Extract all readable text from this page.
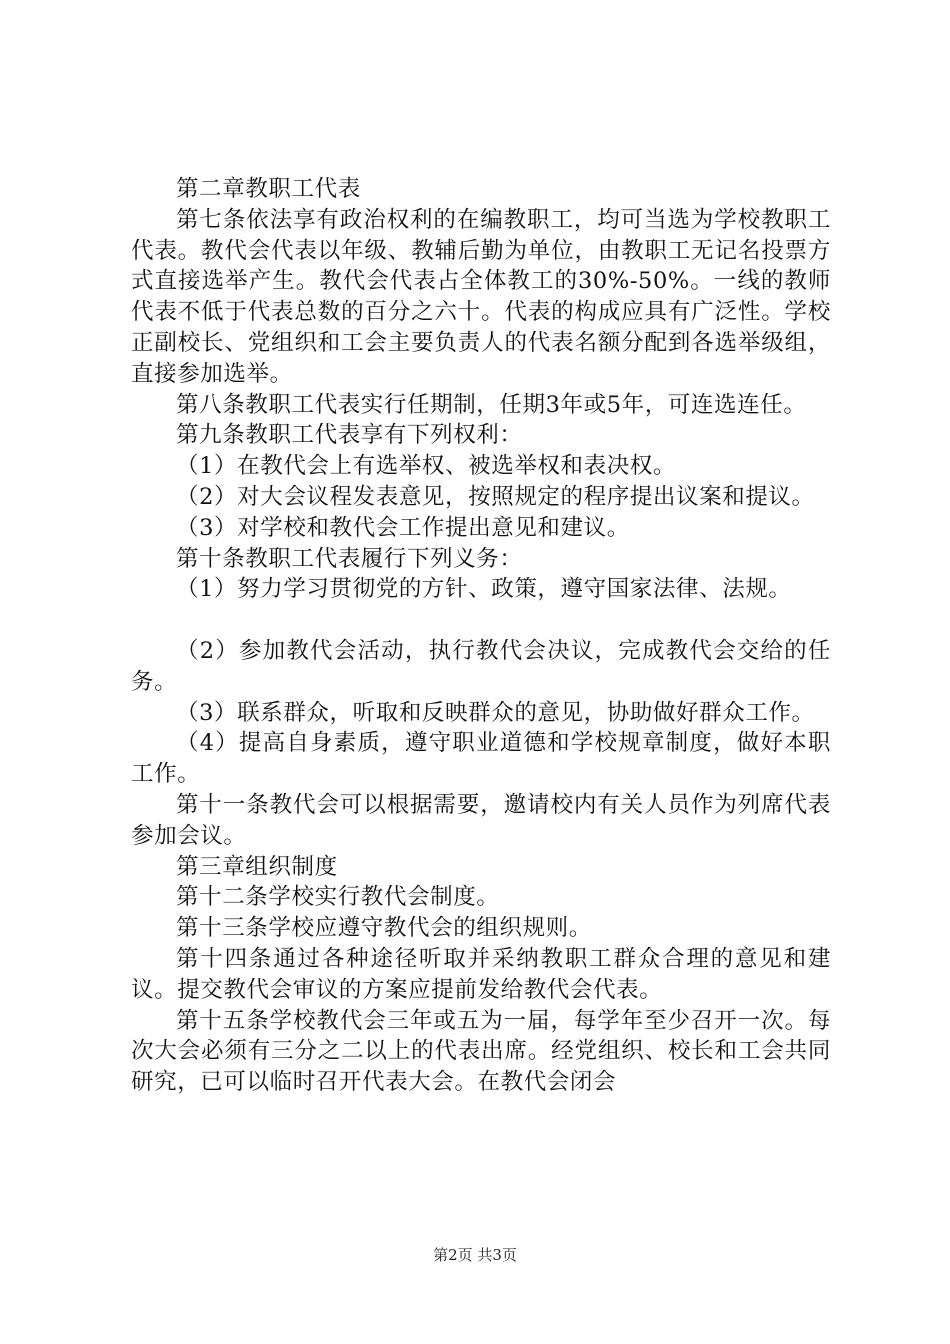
第二章教职工代表

第七条依法享有政治权利的在编教职工，均可当选为学校教职工代表。教代会代表以年级、教辅后勤为单位，由教职工无记名投票方式直接选举产生。教代会代表占全体教工的30%-50%。一线的教师代表不低于代表总数的百分之六十。代表的构成应具有广泛性。学校正副校长、党组织和工会主要负责人的代表名额分配到各选举级组，直接参加选举。

第八条教职工代表实行任期制，任期3年或5年，可连选连任。

第九条教职工代表享有下列权利：

（1）在教代会上有选举权、被选举权和表决权。

（2）对大会议程发表意见，按照规定的程序提出议案和提议。

（3）对学校和教代会工作提出意见和建议。

第十条教职工代表履行下列义务：

（1）努力学习贯彻党的方针、政策，遵守国家法律、法规。

（2）参加教代会活动，执行教代会决议，完成教代会交给的任务。

（3）联系群众，听取和反映群众的意见，协助做好群众工作。

（4）提高自身素质，遵守职业道德和学校规章制度，做好本职工作。

第十一条教代会可以根据需要，邀请校内有关人员作为列席代表参加会议。

第三章组织制度

第十二条学校实行教代会制度。

第十三条学校应遵守教代会的组织规则。

第十四条通过各种途径听取并采纳教职工群众合理的意见和建议。提交教代会审议的方案应提前发给教代会代表。

第十五条学校教代会三年或五为一届，每学年至少召开一次。每次大会必须有三分之二以上的代表出席。经党组织、校长和工会共同研究，已可以临时召开代表大会。在教代会闭会

第2页 共3页
